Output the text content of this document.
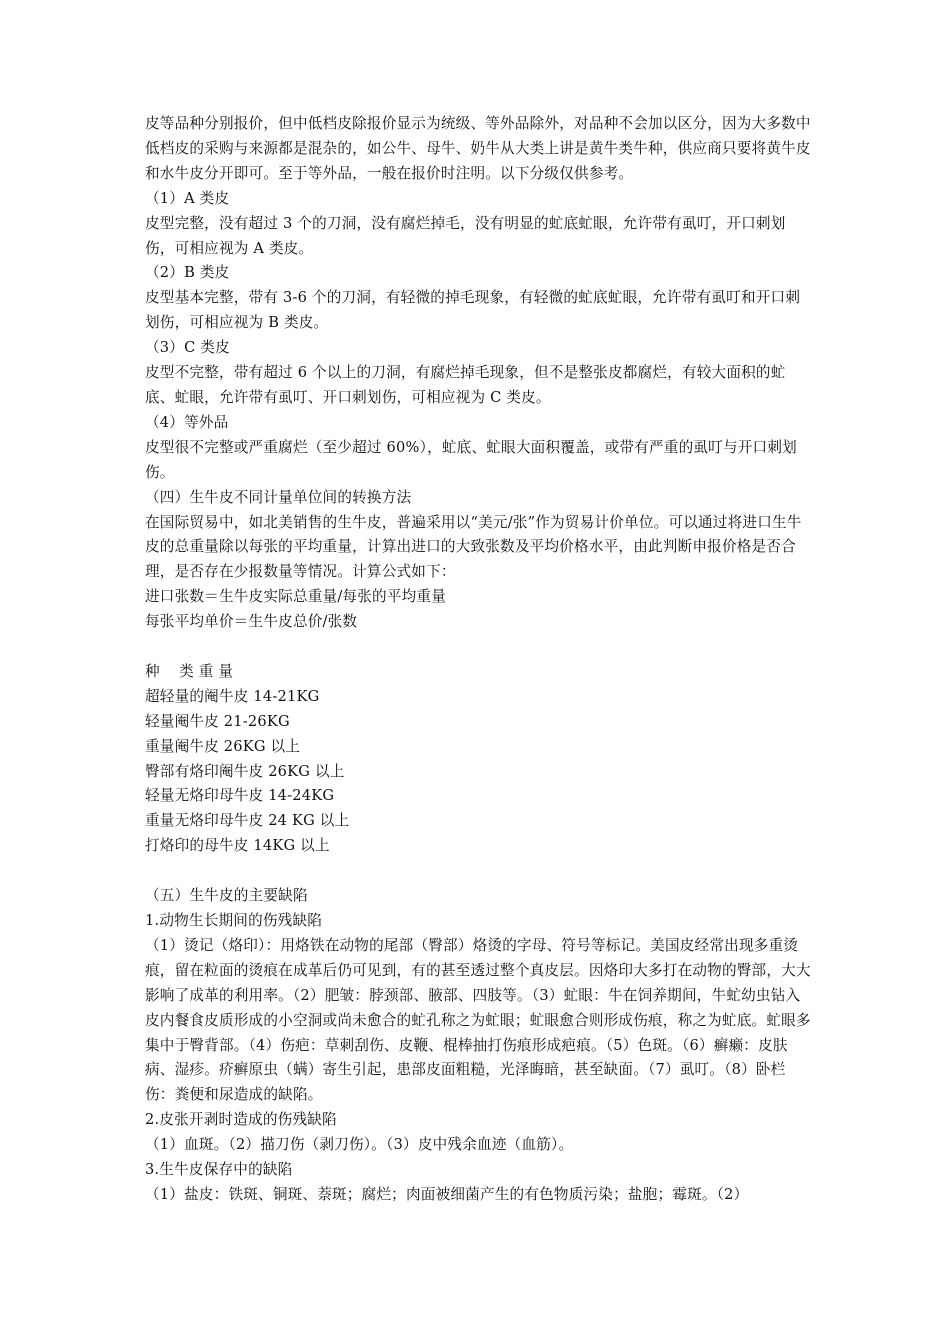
皮等品种分别报价，但中低档皮除报价显示为统级、等外品除外，对品种不会加以区分，因为大多数中低档皮的采购与来源都是混杂的，如公牛、母牛、奶牛从大类上讲是黄牛类牛种，供应商只要将黄牛皮和水牛皮分开即可。至于等外品，一般在报价时注明。以下分级仅供参考。

（1）A 类皮

皮型完整，没有超过 3 个的刀洞，没有腐烂掉毛，没有明显的虻底虻眼，允许带有虱叮，开口刺划伤，可相应视为 A 类皮。

（2）B 类皮

皮型基本完整，带有 3-6 个的刀洞，有轻微的掉毛现象，有轻微的虻底虻眼，允许带有虱叮和开口刺划伤，可相应视为 B 类皮。

（3）C 类皮

皮型不完整，带有超过 6 个以上的刀洞，有腐烂掉毛现象，但不是整张皮都腐烂，有较大面积的虻底、虻眼，允许带有虱叮、开口刺划伤，可相应视为 C 类皮。

（4）等外品

皮型很不完整或严重腐烂（至少超过 60%），虻底、虻眼大面积覆盖，或带有严重的虱叮与开口刺划伤。

（四）生牛皮不同计量单位间的转换方法

在国际贸易中，如北美销售的生牛皮，普遍采用以“美元/张”作为贸易计价单位。可以通过将进口生牛皮的总重量除以每张的平均重量，计算出进口的大致张数及平均价格水平，由此判断申报价格是否合理，是否存在少报数量等情况。计算公式如下：

进口张数＝生牛皮实际总重量/每张的平均重量

每张平均单价＝生牛皮总价/张数

种    类 重 量

超轻量的阉牛皮 14-21KG

轻量阉牛皮 21-26KG

重量阉牛皮 26KG 以上

臀部有烙印阉牛皮 26KG 以上

轻量无烙印母牛皮 14-24KG

重量无烙印母牛皮 24 KG 以上

打烙印的母牛皮 14KG 以上

（五）生牛皮的主要缺陷

1.动物生长期间的伤残缺陷

（1）烫记（烙印）：用烙铁在动物的尾部（臀部）烙烫的字母、符号等标记。美国皮经常出现多重烫痕，留在粒面的烫痕在成革后仍可见到，有的甚至透过整个真皮层。因烙印大多打在动物的臀部，大大影响了成革的利用率。（2）肥皱：脖颈部、腋部、四肢等。（3）虻眼：牛在饲养期间，牛虻幼虫钻入皮内餐食皮质形成的小空洞或尚未愈合的虻孔称之为虻眼；虻眼愈合则形成伤痕，称之为虻底。虻眼多集中于臀背部。（4）伤疤：草刺刮伤、皮鞭、棍棒抽打伤痕形成疤痕。（5）色斑。（6）癣癞：皮肤病、湿疹。疥癣原虫（螨）寄生引起，患部皮面粗糙，光泽晦暗，甚至缺面。（7）虱叮。（8）卧栏伤：粪便和尿造成的缺陷。

2.皮张开剥时造成的伤残缺陷

（1）血斑。（2）描刀伤（剥刀伤）。（3）皮中残余血迹（血筋）。

3.生牛皮保存中的缺陷

（1）盐皮：铁斑、铜斑、萘斑；腐烂；肉面被细菌产生的有色物质污染；盐胞；霉斑。（2）
